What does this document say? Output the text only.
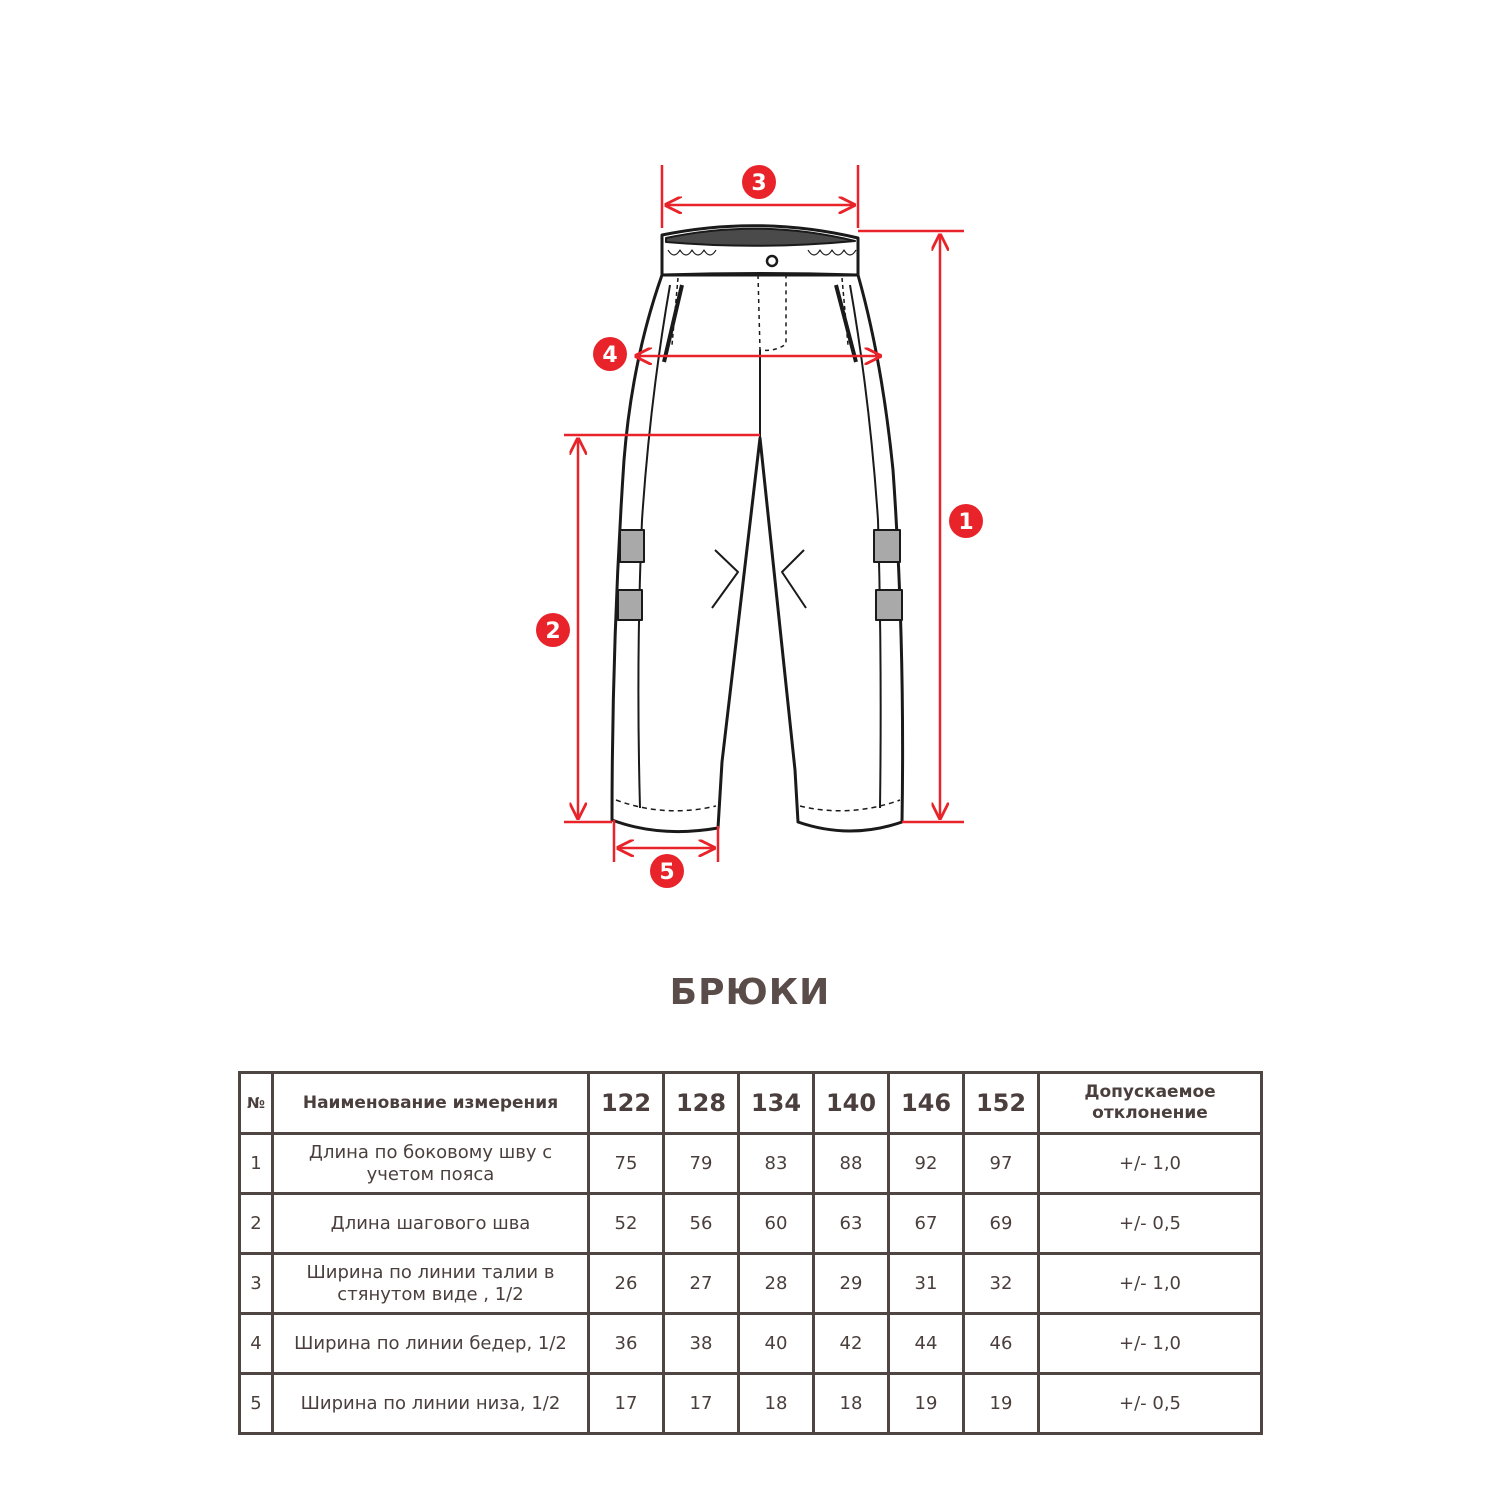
3
4
1
2
5
БРЮКИ
№	Наименование измерения	122	128	134	140	146	152	Допускаемое отклонение
1	Длина по боковому шву с учетом пояса	75	79	83	88	92	97	+/- 1,0
2	Длина шагового шва	52	56	60	63	67	69	+/- 0,5
3	Ширина по линии талии в стянутом виде , 1/2	26	27	28	29	31	32	+/- 1,0
4	Ширина по линии бедер, 1/2	36	38	40	42	44	46	+/- 1,0
5	Ширина по линии низа, 1/2	17	17	18	18	19	19	+/- 0,5
